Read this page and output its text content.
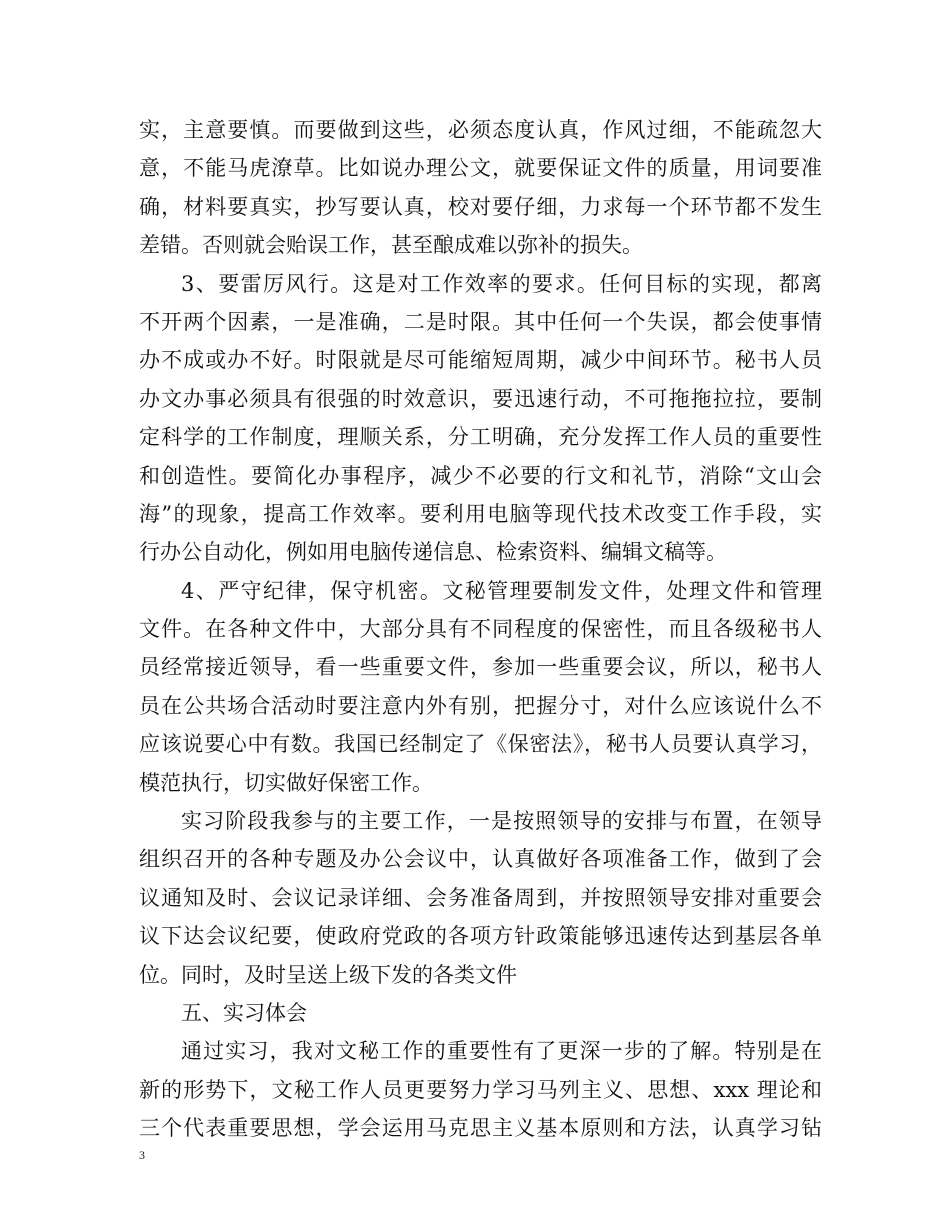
实，主意要慎。而要做到这些，必须态度认真，作风过细，不能疏忽大
意，不能马虎潦草。比如说办理公文，就要保证文件的质量，用词要准
确，材料要真实，抄写要认真，校对要仔细，力求每一个环节都不发生
差错。否则就会贻误工作，甚至酿成难以弥补的损失。
3、要雷厉风行。这是对工作效率的要求。任何目标的实现，都离
不开两个因素，一是准确，二是时限。其中任何一个失误，都会使事情
办不成或办不好。时限就是尽可能缩短周期，减少中间环节。秘书人员
办文办事必须具有很强的时效意识，要迅速行动，不可拖拖拉拉，要制
定科学的工作制度，理顺关系，分工明确，充分发挥工作人员的重要性
和创造性。要简化办事程序，减少不必要的行文和礼节，消除“文山会
海”的现象，提高工作效率。要利用电脑等现代技术改变工作手段，实
行办公自动化，例如用电脑传递信息、检索资料、编辑文稿等。
4、严守纪律，保守机密。文秘管理要制发文件，处理文件和管理
文件。在各种文件中，大部分具有不同程度的保密性，而且各级秘书人
员经常接近领导，看一些重要文件，参加一些重要会议，所以，秘书人
员在公共场合活动时要注意内外有别，把握分寸，对什么应该说什么不
应该说要心中有数。我国已经制定了《保密法》，秘书人员要认真学习，
模范执行，切实做好保密工作。
实习阶段我参与的主要工作，一是按照领导的安排与布置，在领导
组织召开的各种专题及办公会议中，认真做好各项准备工作，做到了会
议通知及时、会议记录详细、会务准备周到，并按照领导安排对重要会
议下达会议纪要，使政府党政的各项方针政策能够迅速传达到基层各单
位。同时，及时呈送上级下发的各类文件
五、实习体会
通过实习，我对文秘工作的重要性有了更深一步的了解。特别是在
新的形势下，文秘工作人员更要努力学习马列主义、思想、xxx 理论和
三个代表重要思想，学会运用马克思主义基本原则和方法，认真学习钻
3
